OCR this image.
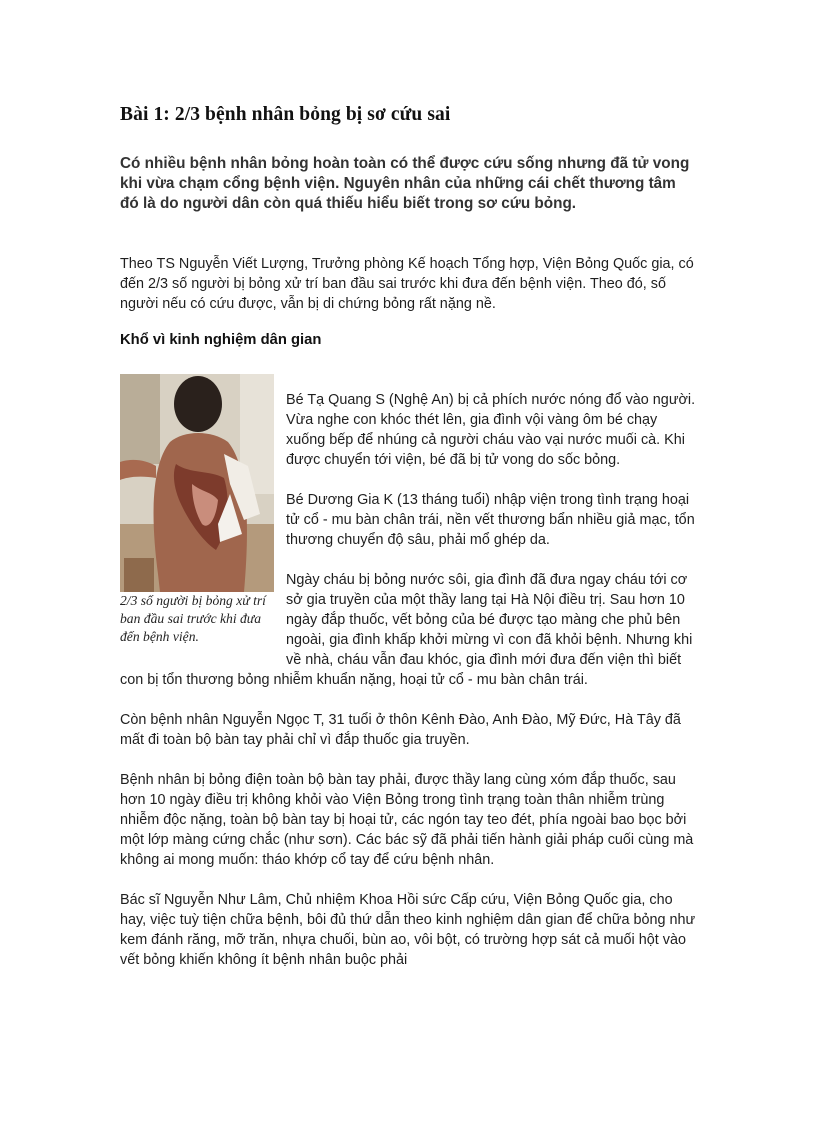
Bài 1: 2/3 bệnh nhân bỏng bị sơ cứu sai

Có nhiều bệnh nhân bỏng hoàn toàn có thể được cứu sống nhưng đã tử vong khi vừa chạm cổng bệnh viện. Nguyên nhân của những cái chết thương tâm đó là do người dân còn quá thiếu hiểu biết trong sơ cứu bỏng.

Theo TS Nguyễn Viết Lượng, Trưởng phòng Kế hoạch Tổng hợp, Viện Bỏng Quốc gia, có đến 2/3 số người bị bỏng xử trí ban đầu sai trước khi đưa đến bệnh viện. Theo đó, số người nếu có cứu được, vẫn bị di chứng bỏng rất nặng nề.

Khổ vì kinh nghiệm dân gian

2/3 số người bị bỏng xử trí ban đầu sai trước khi đưa đến bệnh viện.

Bé Tạ Quang S (Nghệ An) bị cả phích nước nóng đổ vào người. Vừa nghe con khóc thét lên, gia đình vội vàng ôm bé chạy xuống bếp để nhúng cả người cháu vào vại nước muối cà. Khi được chuyển tới viện, bé đã bị tử vong do sốc bỏng.

Bé Dương Gia K (13 tháng tuổi) nhập viện trong tình trạng hoại tử cổ - mu bàn chân trái, nền vết thương bẩn nhiều giả mạc, tổn thương chuyển độ sâu, phải mổ ghép da.

Ngày cháu bị bỏng nước sôi, gia đình đã đưa ngay cháu tới cơ sở gia truyền của một thầy lang tại Hà Nội điều trị. Sau hơn 10 ngày đắp thuốc, vết bỏng của bé được tạo màng che phủ bên ngoài, gia đình khấp khởi mừng vì con đã khỏi bệnh. Nhưng khi về nhà, cháu vẫn đau khóc, gia đình mới đưa đến viện thì biết con bị tổn thương bỏng nhiễm khuẩn nặng, hoại tử cổ - mu bàn chân trái.

Còn bệnh nhân Nguyễn Ngọc T, 31 tuổi ở thôn Kênh Đào, Anh Đào, Mỹ Đức, Hà Tây đã mất đi toàn bộ bàn tay phải chỉ vì đắp thuốc gia truyền.

Bệnh nhân bị bỏng điện toàn bộ bàn tay phải, được thầy lang cùng xóm đắp thuốc, sau hơn 10 ngày điều trị không khỏi vào Viện Bỏng trong tình trạng toàn thân nhiễm trùng nhiễm độc nặng, toàn bộ bàn tay bị hoại tử, các ngón tay teo đét, phía ngoài bao bọc bởi một lớp màng cứng chắc (như sơn). Các bác sỹ đã phải tiến hành giải pháp cuối cùng mà không ai mong muốn: tháo khớp cổ tay để cứu bệnh nhân.

Bác sĩ Nguyễn Như Lâm, Chủ nhiệm Khoa Hồi sức Cấp cứu, Viện Bỏng Quốc gia, cho hay, việc tuỳ tiện chữa bệnh, bôi đủ thứ dẫn theo kinh nghiệm dân gian để chữa bỏng như kem đánh răng, mỡ trăn, nhựa chuối, bùn ao, vôi bột, có trường hợp sát cả muối hột vào vết bỏng khiến không ít bệnh nhân buộc phải
